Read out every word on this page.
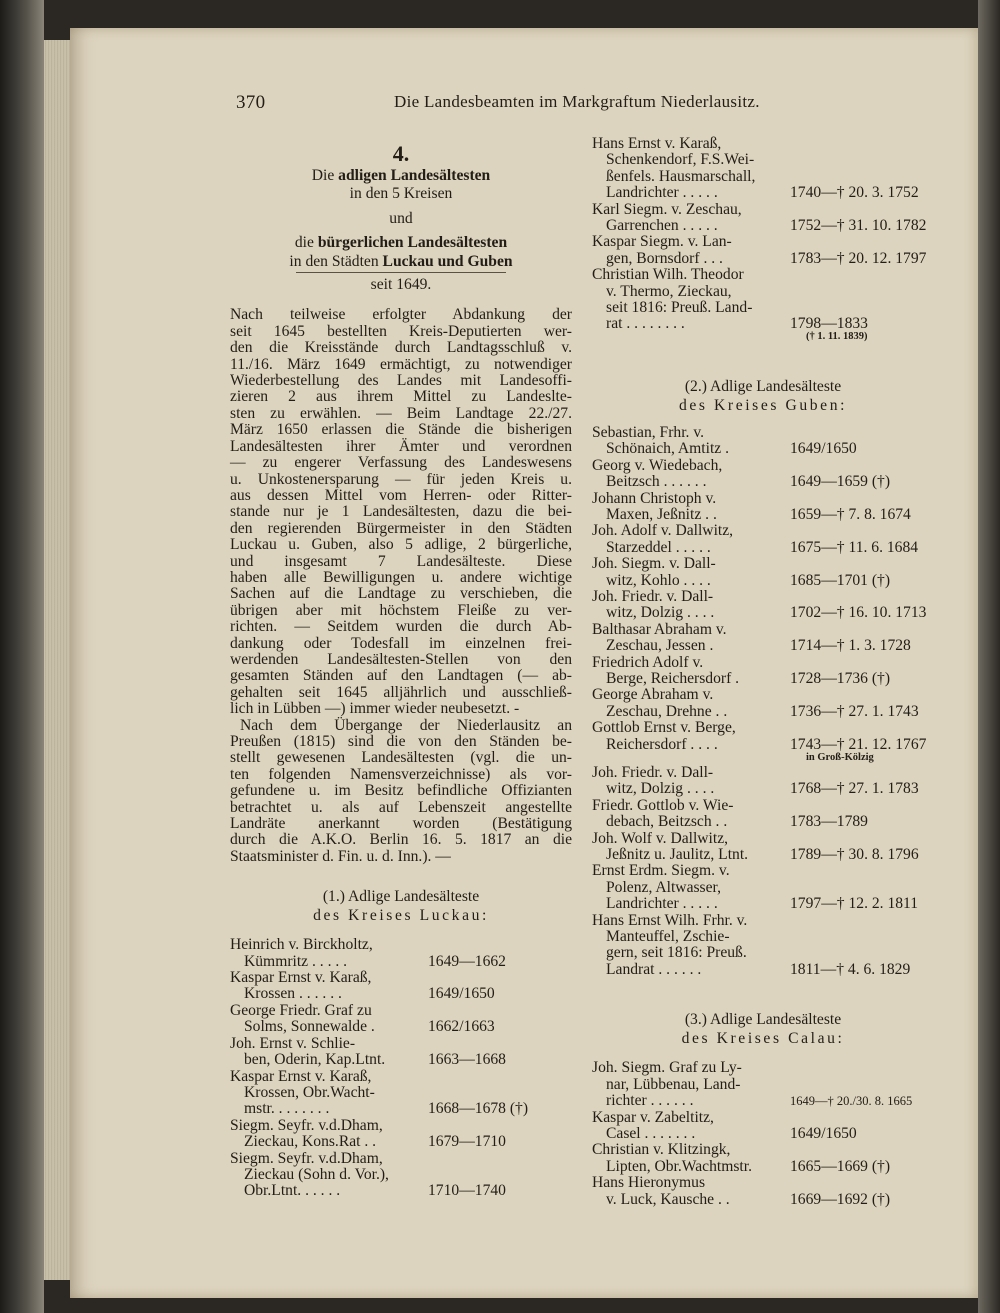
370	Die Landesbeamten im Markgraftum Niederlausitz.
4.
Die adligen Landesältesten
in den 5 Kreisen
und
die bürgerlichen Landesältesten
in den Städten Luckau und Guben
seit 1649.
Nach teilweise erfolgter Abdankung der
seit 1645 bestellten Kreis-Deputierten wer-
den die Kreisstände durch Landtagsschluß v.
11./16. März 1649 ermächtigt, zu notwendiger
Wiederbestellung des Landes mit Landesoffi-
zieren 2 aus ihrem Mittel zu Landeslte-
sten zu erwählen. — Beim Landtage 22./27.
März 1650 erlassen die Stände die bisherigen
Landesältesten ihrer Ämter und verordnen
— zu engerer Verfassung des Landeswesens
u. Unkostenersparung — für jeden Kreis u.
aus dessen Mittel vom Herren- oder Ritter-
stande nur je 1 Landesältesten, dazu die bei-
den regierenden Bürgermeister in den Städten
Luckau u. Guben, also 5 adlige, 2 bürgerliche,
und insgesamt 7 Landesälteste. Diese
haben alle Bewilligungen u. andere wichtige
Sachen auf die Landtage zu verschieben, die
übrigen aber mit höchstem Fleiße zu ver-
richten. — Seitdem wurden die durch Ab-
dankung oder Todesfall im einzelnen frei-
werdenden Landesältesten-Stellen von den
gesamten Ständen auf den Landtagen (— ab-
gehalten seit 1645 alljährlich und ausschließ-
lich in Lübben —) immer wieder neubesetzt. -
Nach dem Übergange der Niederlausitz an
Preußen (1815) sind die von den Ständen be-
stellt gewesenen Landesältesten (vgl. die un-
ten folgenden Namensverzeichnisse) als vor-
gefundene u. im Besitz befindliche Offizianten
betrachtet u. als auf Lebenszeit angestellte
Landräte anerkannt worden (Bestätigung
durch die A.K.O. Berlin 16. 5. 1817 an die
Staatsminister d. Fin. u. d. Inn.). —
(1.) Adlige Landesälteste
des Kreises Luckau:
Heinrich v. Birckholtz,
Kümmritz . . . . .	1649—1662
Kaspar Ernst v. Karaß,
Krossen . . . . . .	1649/1650
George Friedr. Graf zu
Solms, Sonnewalde .	1662/1663
Joh. Ernst v. Schlie-
ben, Oderin, Kap.Ltnt.	1663—1668
Kaspar Ernst v. Karaß,
Krossen, Obr.Wacht-
mstr. . . . . . . .	1668—1678 (†)
Siegm. Seyfr. v.d.Dham,
Zieckau, Kons.Rat . .	1679—1710
Siegm. Seyfr. v.d.Dham,
Zieckau (Sohn d. Vor.),
Obr.Ltnt. . . . . .	1710—1740
Hans Ernst v. Karaß,
Schenkendorf, F.S.Wei-
ßenfels. Hausmarschall,
Landrichter . . . . .	1740—† 20. 3. 1752
Karl Siegm. v. Zeschau,
Garrenchen . . . . .	1752—† 31. 10. 1782
Kaspar Siegm. v. Lan-
gen, Bornsdorf . . .	1783—† 20. 12. 1797
Christian Wilh. Theodor
v. Thermo, Zieckau,
seit 1816: Preuß. Land-
rat . . . . . . . .	1798—1833
(† 1. 11. 1839)
(2.) Adlige Landesälteste
des Kreises Guben:
Sebastian, Frhr. v.
Schönaich, Amtitz .	1649/1650
Georg v. Wiedebach,
Beitzsch . . . . . .	1649—1659 (†)
Johann Christoph v.
Maxen, Jeßnitz . .	1659—† 7. 8. 1674
Joh. Adolf v. Dallwitz,
Starzeddel . . . . .	1675—† 11. 6. 1684
Joh. Siegm. v. Dall-
witz, Kohlo . . . .	1685—1701 (†)
Joh. Friedr. v. Dall-
witz, Dolzig . . . .	1702—† 16. 10. 1713
Balthasar Abraham v.
Zeschau, Jessen .	1714—† 1. 3. 1728
Friedrich Adolf v.
Berge, Reichersdorf .	1728—1736 (†)
George Abraham v.
Zeschau, Drehne . .	1736—† 27. 1. 1743
Gottlob Ernst v. Berge,
Reichersdorf . . . .	1743—† 21. 12. 1767
in Groß-Kölzig
Joh. Friedr. v. Dall-
witz, Dolzig . . . .	1768—† 27. 1. 1783
Friedr. Gottlob v. Wie-
debach, Beitzsch . .	1783—1789
Joh. Wolf v. Dallwitz,
Jeßnitz u. Jaulitz, Ltnt.	1789—† 30. 8. 1796
Ernst Erdm. Siegm. v.
Polenz, Altwasser,
Landrichter . . . . .	1797—† 12. 2. 1811
Hans Ernst Wilh. Frhr. v.
Manteuffel, Zschie-
gern, seit 1816: Preuß.
Landrat . . . . . .	1811—† 4. 6. 1829
(3.) Adlige Landesälteste
des Kreises Calau:
Joh. Siegm. Graf zu Ly-
nar, Lübbenau, Land-
richter . . . . . .	1649—† 20./30. 8. 1665
Kaspar v. Zabeltitz,
Casel . . . . . . .	1649/1650
Christian v. Klitzingk,
Lipten, Obr.Wachtmstr.	1665—1669 (†)
Hans Hieronymus
v. Luck, Kausche . .	1669—1692 (†)
